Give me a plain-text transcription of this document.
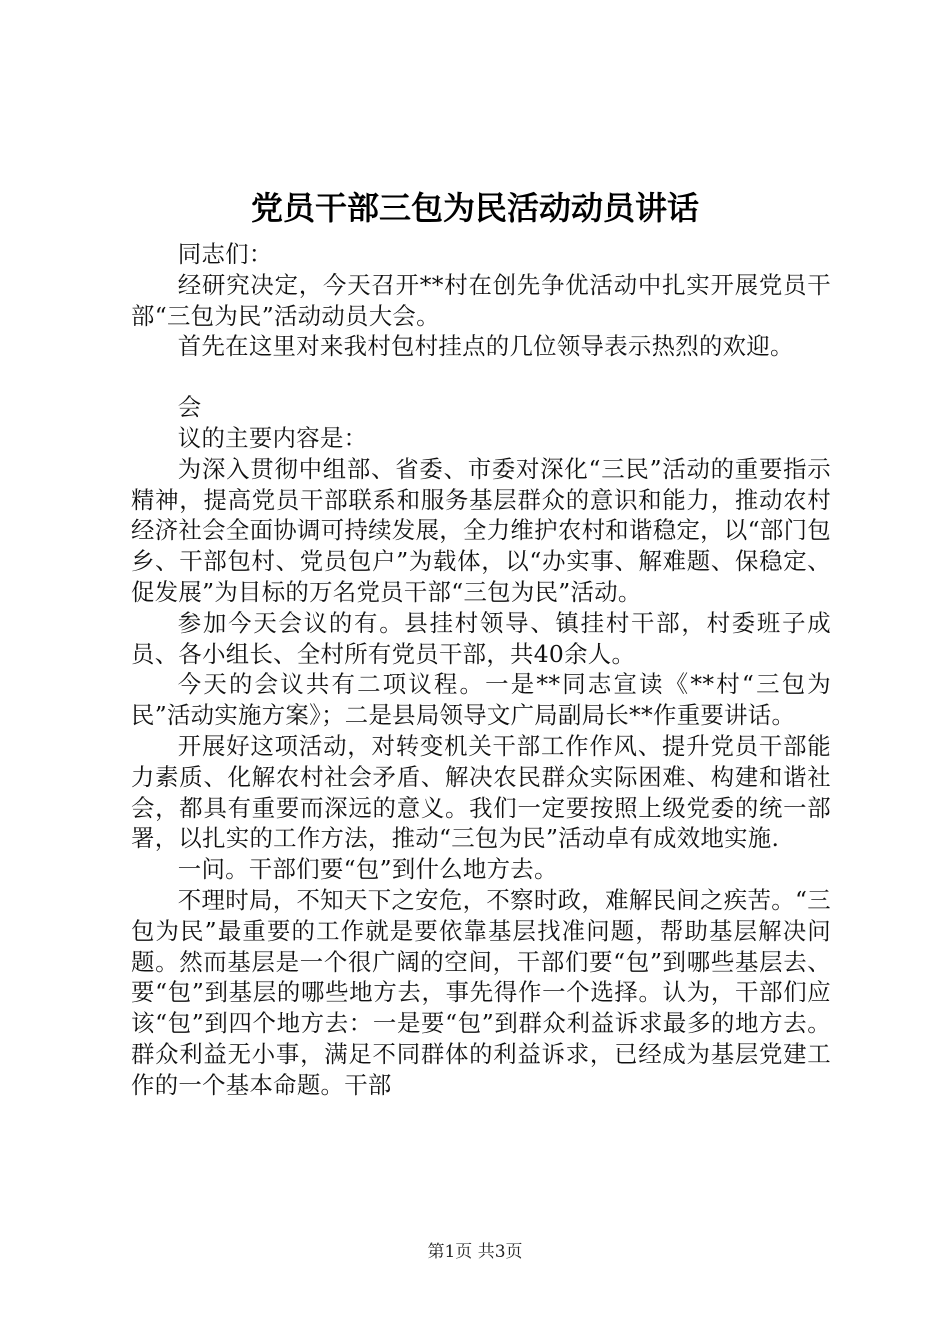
党员干部三包为民活动动员讲话

同志们：

经研究决定，今天召开**村在创先争优活动中扎实开展党员干部“三包为民”活动动员大会。

首先在这里对来我村包村挂点的几位领导表示热烈的欢迎。

会

议的主要内容是：

为深入贯彻中组部、省委、市委对深化“三民”活动的重要指示精神，提高党员干部联系和服务基层群众的意识和能力，推动农村经济社会全面协调可持续发展，全力维护农村和谐稳定，以“部门包乡、干部包村、党员包户”为载体，以“办实事、解难题、保稳定、促发展”为目标的万名党员干部“三包为民”活动。

参加今天会议的有。县挂村领导、镇挂村干部，村委班子成员、各小组长、全村所有党员干部，共40余人。

今天的会议共有二项议程。一是**同志宣读《**村“三包为民”活动实施方案》；二是县局领导文广局副局长**作重要讲话。

开展好这项活动，对转变机关干部工作作风、提升党员干部能力素质、化解农村社会矛盾、解决农民群众实际困难、构建和谐社会，都具有重要而深远的意义。我们一定要按照上级党委的统一部署，以扎实的工作方法，推动“三包为民”活动卓有成效地实施.

一问。干部们要“包”到什么地方去。

不理时局，不知天下之安危，不察时政，难解民间之疾苦。“三包为民”最重要的工作就是要依靠基层找准问题，帮助基层解决问题。然而基层是一个很广阔的空间，干部们要“包”到哪些基层去、要“包”到基层的哪些地方去，事先得作一个选择。认为，干部们应该“包”到四个地方去：一是要“包”到群众利益诉求最多的地方去。群众利益无小事，满足不同群体的利益诉求，已经成为基层党建工作的一个基本命题。干部

第1页 共3页
